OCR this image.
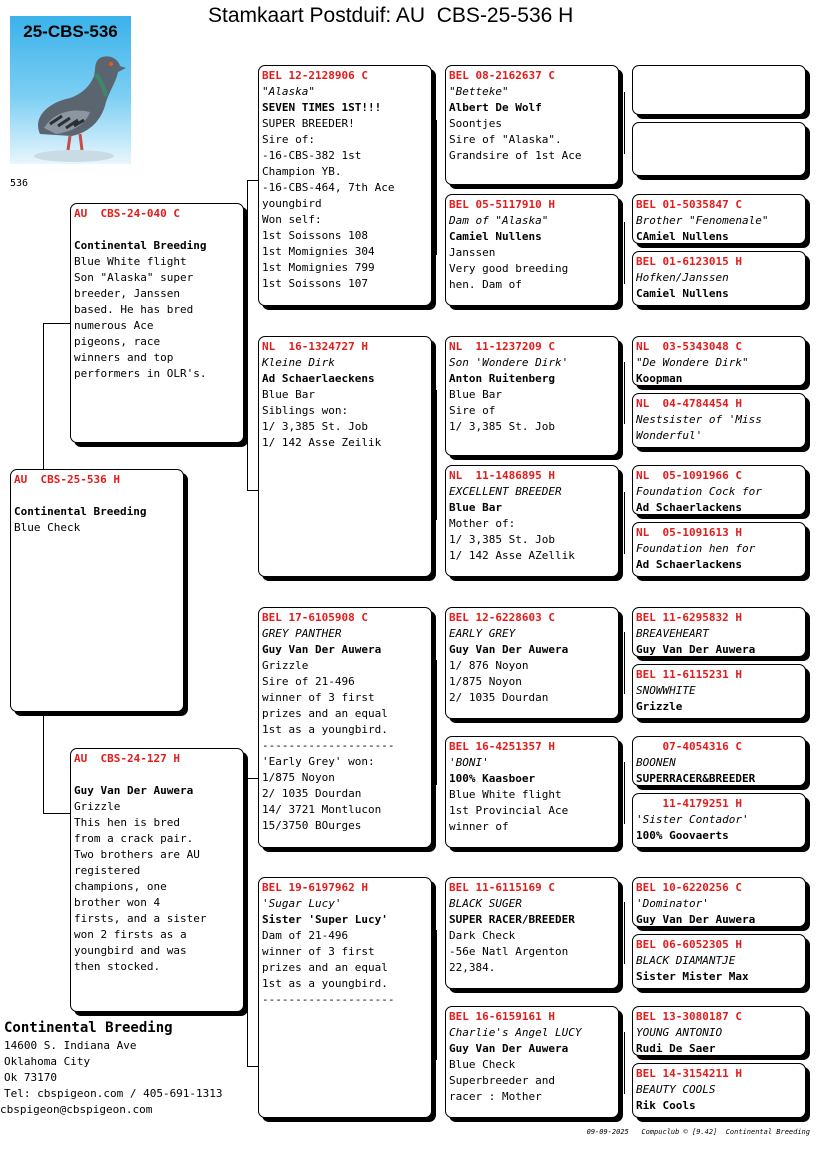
Stamkaart Postduif: AU  CBS-25-536 H
25-CBS-536
536
AU  CBS-25-536 H
Continental Breeding
Blue Check
AU  CBS-24-040 C
Continental Breeding
Blue White flight
Son "Alaska" super
breeder, Janssen
based. He has bred
numerous Ace
pigeons, race
winners and top
performers in OLR's.
AU  CBS-24-127 H
Guy Van Der Auwera
Grizzle
This hen is bred
from a crack pair.
Two brothers are AU
registered
champions, one
brother won 4
firsts, and a sister
won 2 firsts as a
youngbird and was
then stocked.
BEL 12-2128906 C
"Alaska"
SEVEN TIMES 1ST!!!
SUPER BREEDER!
Sire of:
-16-CBS-382 1st
Champion YB.
-16-CBS-464, 7th Ace
youngbird
Won self:
1st Soissons 108
1st Momignies 304
1st Momignies 799
1st Soissons 107
NL  16-1324727 H
Kleine Dirk
Ad Schaerlaeckens
Blue Bar
Siblings won:
1/ 3,385 St. Job
1/ 142 Asse Zeilik
BEL 17-6105908 C
GREY PANTHER
Guy Van Der Auwera
Grizzle
Sire of 21-496
winner of 3 first
prizes and an equal
1st as a youngbird.
--------------------
'Early Grey' won:
1/875 Noyon
2/ 1035 Dourdan
14/ 3721 Montlucon
15/3750 BOurges
BEL 19-6197962 H
'Sugar Lucy'
Sister 'Super Lucy'
Dam of 21-496
winner of 3 first
prizes and an equal
1st as a youngbird.
--------------------
BEL 08-2162637 C
"Betteke"
Albert De Wolf
Soontjes
Sire of "Alaska".
Grandsire of 1st Ace
BEL 05-5117910 H
Dam of "Alaska"
Camiel Nullens
Janssen
Very good breeding
hen. Dam of
NL  11-1237209 C
Son 'Wondere Dirk'
Anton Ruitenberg
Blue Bar
Sire of
1/ 3,385 St. Job
NL  11-1486895 H
EXCELLENT BREEDER
Blue Bar
Mother of:
1/ 3,385 St. Job
1/ 142 Asse AZellik
BEL 12-6228603 C
EARLY GREY
Guy Van Der Auwera
1/ 876 Noyon
1/875 Noyon
2/ 1035 Dourdan
BEL 16-4251357 H
'BONI'
100% Kaasboer
Blue White flight
1st Provincial Ace
winner of
BEL 11-6115169 C
BLACK SUGER
SUPER RACER/BREEDER
Dark Check
-56e Natl Argenton
22,384.
BEL 16-6159161 H
Charlie's Angel LUCY
Guy Van Der Auwera
Blue Check
Superbreeder and
racer : Mother
BEL 01-5035847 C
Brother "Fenomenale"
CAmiel Nullens
BEL 01-6123015 H
Hofken/Janssen
Camiel Nullens
NL  03-5343048 C
"De Wondere Dirk"
Koopman
NL  04-4784454 H
Nestsister of 'Miss
Wonderful'
NL  05-1091966 C
Foundation Cock for
Ad Schaerlackens
NL  05-1091613 H
Foundation hen for
Ad Schaerlackens
BEL 11-6295832 H
BREAVEHEART
Guy Van Der Auwera
BEL 11-6115231 H
SNOWWHITE
Grizzle
07-4054316 C
BOONEN
SUPERRACER&BREEDER
11-4179251 H
'Sister Contador'
100% Goovaerts
BEL 10-6220256 C
'Dominator'
Guy Van Der Auwera
BEL 06-6052305 H
BLACK DIAMANTJE
Sister Mister Max
BEL 13-3080187 C
YOUNG ANTONIO
Rudi De Saer
BEL 14-3154211 H
BEAUTY COOLS
Rik Cools
Continental Breeding
14600 S. Indiana Ave
Oklahoma City
Ok 73170
Tel: cbspigeon.com / 405-691-1313
cbspigeon@cbspigeon.com
09-09-2025   Compuclub © [9.42]  Continental Breeding
